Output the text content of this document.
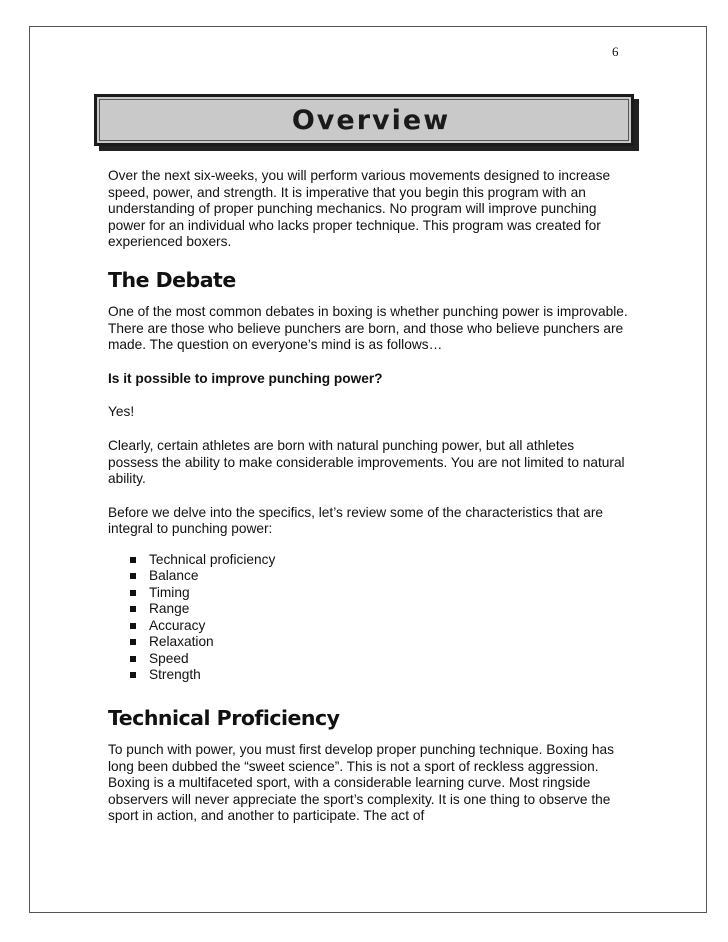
6
Overview

Over the next six-weeks, you will perform various movements designed to increase speed, power, and strength. It is imperative that you begin this program with an understanding of proper punching mechanics. No program will improve punching power for an individual who lacks proper technique. This program was created for experienced boxers.

The Debate

One of the most common debates in boxing is whether punching power is improvable. There are those who believe punchers are born, and those who believe punchers are made. The question on everyone’s mind is as follows…

Is it possible to improve punching power?

Yes!

Clearly, certain athletes are born with natural punching power, but all athletes possess the ability to make considerable improvements. You are not limited to natural ability.

Before we delve into the specifics, let’s review some of the characteristics that are integral to punching power:

Technical proficiency
Balance
Timing
Range
Accuracy
Relaxation
Speed
Strength
Technical Proficiency

To punch with power, you must first develop proper punching technique. Boxing has long been dubbed the “sweet science”. This is not a sport of reckless aggression. Boxing is a multifaceted sport, with a considerable learning curve. Most ringside observers will never appreciate the sport’s complexity. It is one thing to observe the sport in action, and another to participate. The act of
